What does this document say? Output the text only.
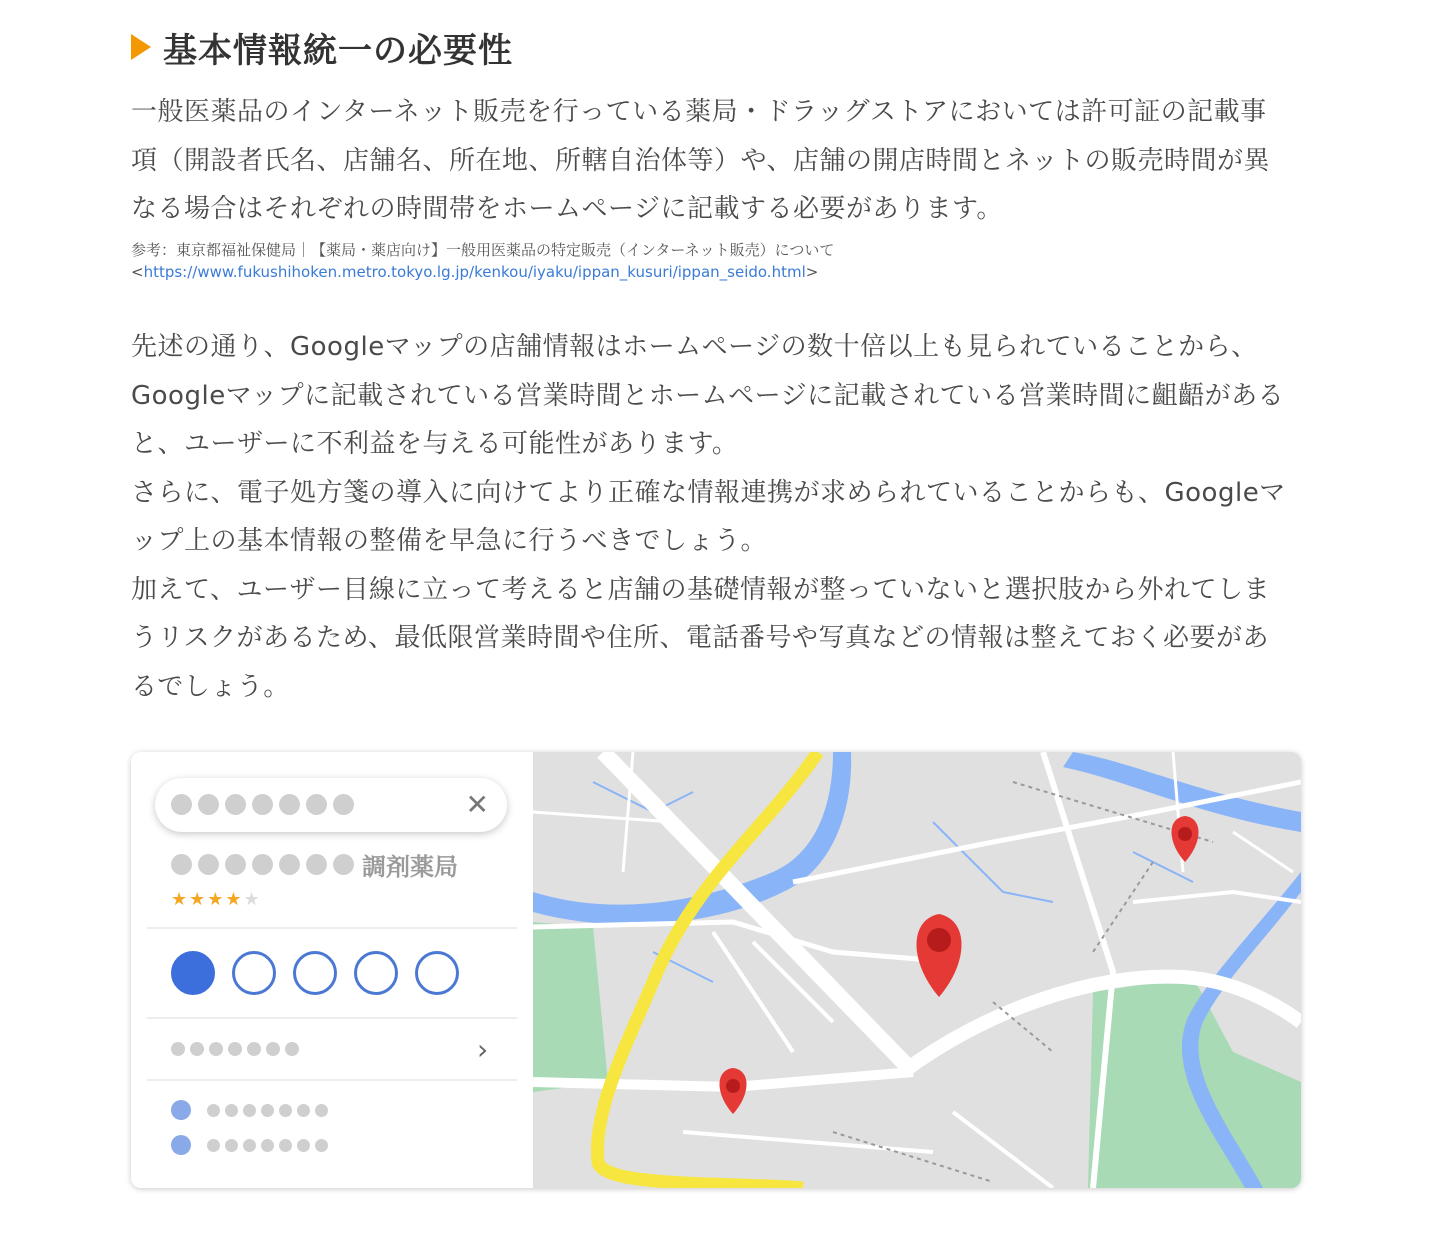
基本情報統一の必要性

一般医薬品のインターネット販売を行っている薬局・ドラッグストアにおいては許可証の記載事
項（開設者氏名、店舗名、所在地、所轄自治体等）や、店舗の開店時間とネットの販売時間が異
なる場合はそれぞれの時間帯をホームページに記載する必要があります。

参考：東京都福祉保健局｜【薬局・薬店向け】一般用医薬品の特定販売（インターネット販売）について
<https://www.fukushihoken.metro.tokyo.lg.jp/kenkou/iyaku/ippan_kusuri/ippan_seido.html>

先述の通り、Googleマップの店舗情報はホームページの数十倍以上も見られていることから、
Googleマップに記載されている営業時間とホームページに記載されている営業時間に齟齬がある
と、ユーザーに不利益を与える可能性があります。
さらに、電子処方箋の導入に向けてより正確な情報連携が求められていることからも、Googleマ
ップ上の基本情報の整備を早急に行うべきでしょう。
加えて、ユーザー目線に立って考えると店舗の基礎情報が整っていないと選択肢から外れてしま
うリスクがあるため、最低限営業時間や住所、電話番号や写真などの情報は整えておく必要があ
るでしょう。

✕
調剤薬局
★★★★★
›
